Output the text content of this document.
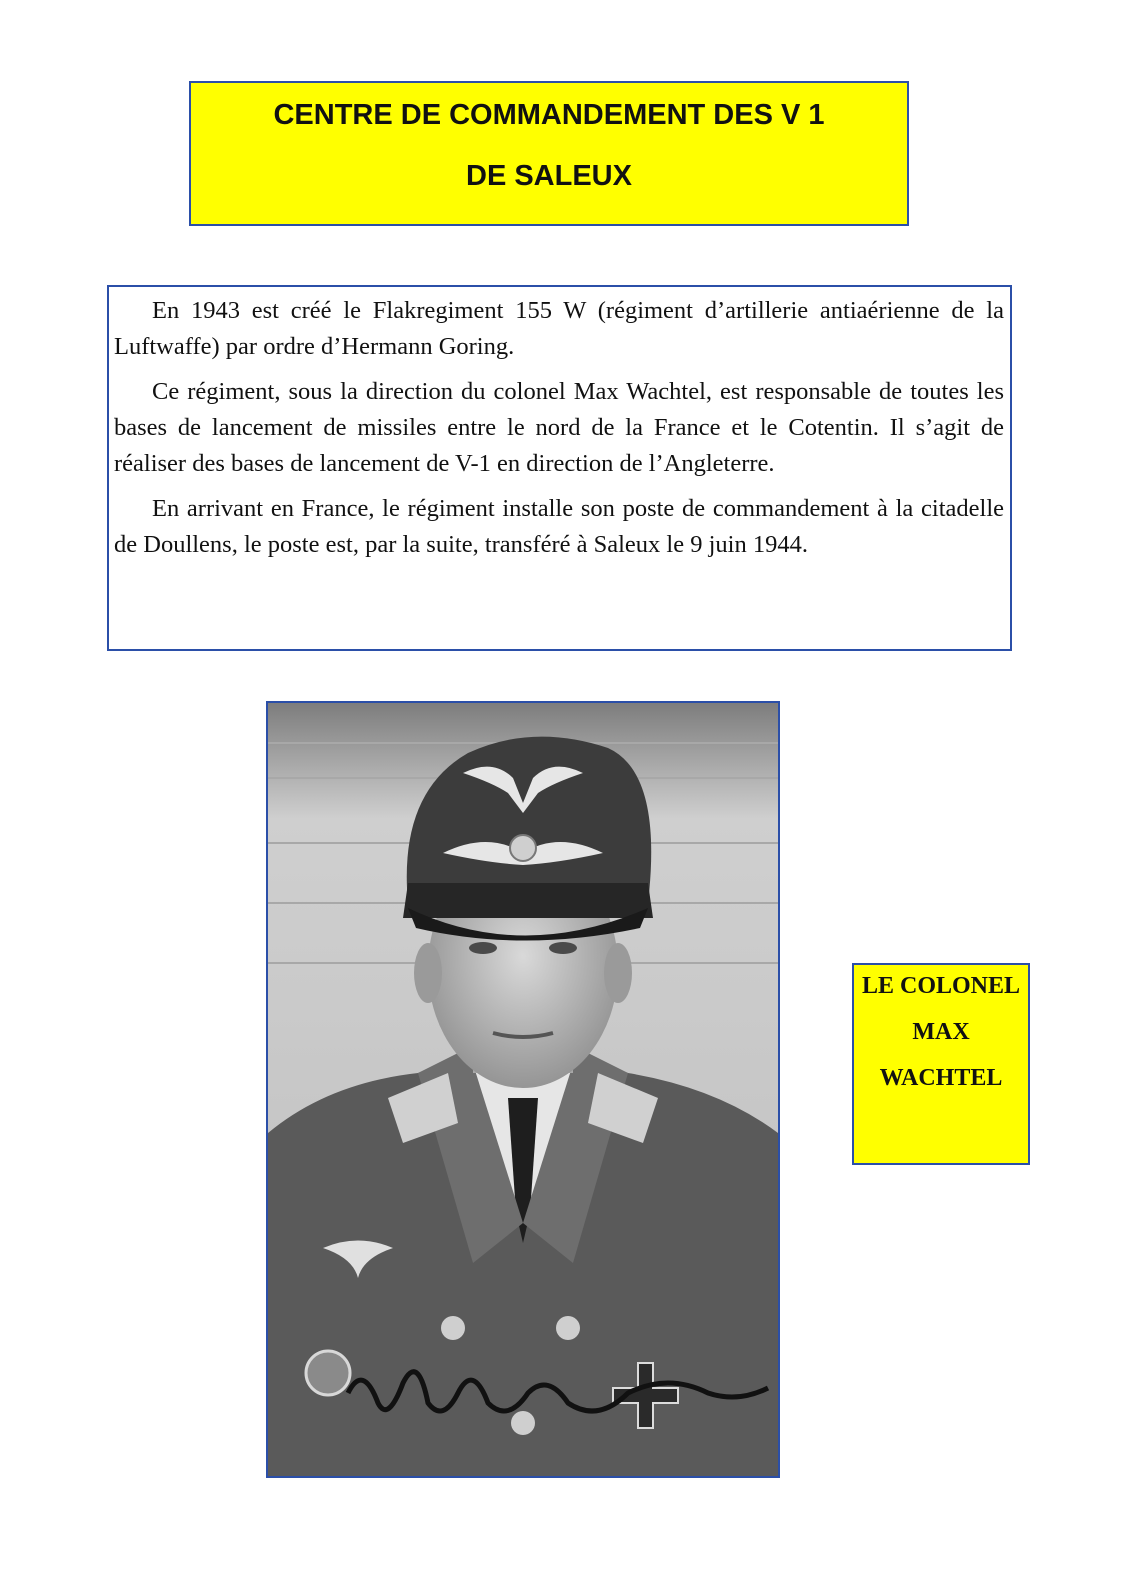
CENTRE DE COMMANDEMENT DES V 1
DE SALEUX

En 1943 est créé le Flakregiment 155 W (régiment d’artillerie antiaérienne de la Luftwaffe) par ordre d’Hermann Goring.

Ce régiment, sous la direction du colonel Max Wachtel, est responsable de toutes les bases de lancement de missiles entre le nord de la France et le Cotentin. Il s’agit de réaliser des bases de lancement de V-1 en direction de l’Angleterre.

En arrivant en France, le régiment installe son poste de commandement à la citadelle de Doullens, le poste est, par la suite, transféré à Saleux le 9 juin 1944.

LE COLONEL
MAX
WACHTEL
